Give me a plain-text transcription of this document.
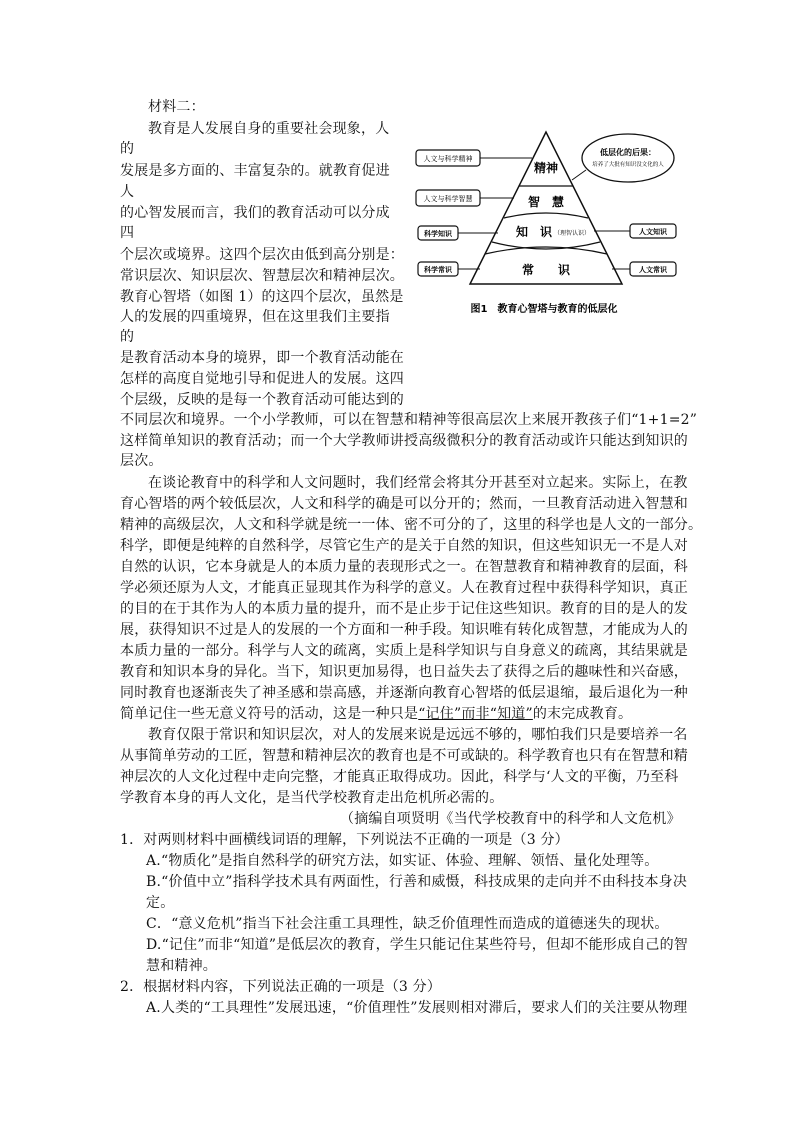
材料二：
教育是人发展自身的重要社会现象，人
的
发展是多方面的、丰富复杂的。就教育促进
人
的心智发展而言，我们的教育活动可以分成
四
个层次或境界。这四个层次由低到高分别是：
常识层次、知识层次、智慧层次和精神层次。
教育心智塔（如图 1）的这四个层次，虽然是
人的发展的四重境界，但在这里我们主要指
的
是教育活动本身的境界，即一个教育活动能在
怎样的高度自觉地引导和促进人的发展。这四
个层级，反映的是每一个教育活动可能达到的
精神
智　慧
知　识 （理智认识）
常　　识
人文与科学精神
人文与科学智慧
科学知识
科学常识
人文知识
人文常识
低层化的后果：
培养了大批有知识没文化的人
图1　教育心智塔与教育的低层化
不同层次和境界。一个小学教师，可以在智慧和精神等很高层次上来展开教孩子们“1+1=2”
这样简单知识的教育活动；而一个大学教师讲授高级微积分的教育活动或许只能达到知识的
层次。
在谈论教育中的科学和人文问题时，我们经常会将其分开甚至对立起来。实际上，在教
育心智塔的两个较低层次，人文和科学的确是可以分开的；然而，一旦教育活动进入智慧和
精神的高级层次，人文和科学就是统一一体、密不可分的了，这里的科学也是人文的一部分。
科学，即便是纯粹的自然科学，尽管它生产的是关于自然的知识，但这些知识无一不是人对
自然的认识，它本身就是人的本质力量的表现形式之一。在智慧教育和精神教育的层面，科
学必须还原为人文，才能真正显现其作为科学的意义。人在教育过程中获得科学知识，真正
的目的在于其作为人的本质力量的提升，而不是止步于记住这些知识。教育的目的是人的发
展，获得知识不过是人的发展的一个方面和一种手段。知识唯有转化成智慧，才能成为人的
本质力量的一部分。科学与人文的疏离，实质上是科学知识与自身意义的疏离，其结果就是
教育和知识本身的异化。当下，知识更加易得，也日益失去了获得之后的趣味性和兴奋感，
同时教育也逐渐丧失了神圣感和崇高感，并逐渐向教育心智塔的低层退缩，最后退化为一种
简单记住一些无意义符号的活动，这是一种只是“记住”而非“知道”的末完成教育。
教育仅限于常识和知识层次，对人的发展来说是远远不够的，哪怕我们只是要培养一名
从事简单劳动的工匠，智慧和精神层次的教育也是不可或缺的。科学教育也只有在智慧和精
神层次的人文化过程中走向完整，才能真正取得成功。因此，科学与‘人文的平衡，乃至科
学教育本身的再人文化，是当代学校教育走出危机所必需的。
（摘编自项贤明《当代学校教育中的科学和人文危机》
1．对两则材料中画横线词语的理解，下列说法不正确的一项是（3 分）
A.“物质化”是指自然科学的研究方法，如实证、体验、理解、领悟、量化处理等。
B.“价值中立”指科学技术具有两面性，行善和威慑，科技成果的走向并不由科技本身决
定。
C．“意义危机”指当下社会注重工具理性，缺乏价值理性而造成的道德迷失的现状。
D.“记住”而非“知道”是低层次的教育，学生只能记住某些符号，但却不能形成自己的智
慧和精神。
2．根据材料内容，下列说法正确的一项是（3 分）
A.人类的“工具理性”发展迅速，“价值理性”发展则相对滞后，要求人们的关注要从物理
